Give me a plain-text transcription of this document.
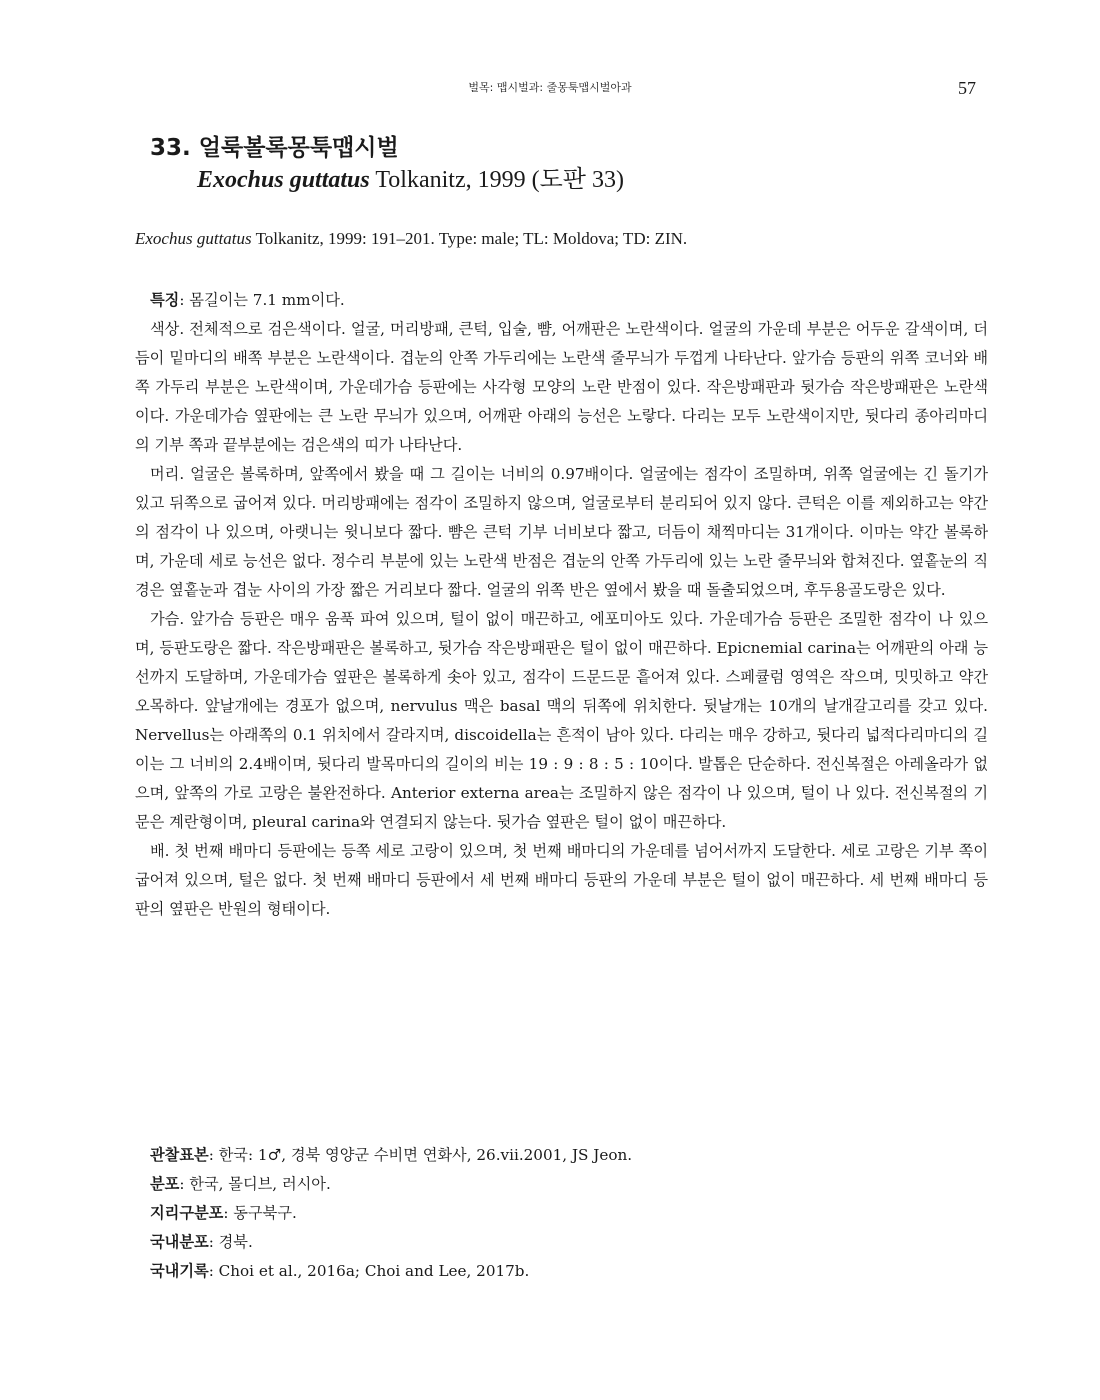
벌목: 맵시벌과: 줄몽툭맵시벌아과	57
33. 얼룩볼록몽툭맵시벌
Exochus guttatus Tolkanitz, 1999 (도판 33)
Exochus guttatus Tolkanitz, 1999: 191–201. Type: male; TL: Moldova; TD: ZIN.

특징: 몸길이는 7.1 mm이다.

색상. 전체적으로 검은색이다. 얼굴, 머리방패, 큰턱, 입술, 뺨, 어깨판은 노란색이다. 얼굴의 가운데 부분은 어두운 갈색이며, 더듬이 밑마디의 배쪽 부분은 노란색이다. 겹눈의 안쪽 가두리에는 노란색 줄무늬가 두껍게 나타난다. 앞가슴 등판의 위쪽 코너와 배쪽 가두리 부분은 노란색이며, 가운데가슴 등판에는 사각형 모양의 노란 반점이 있다. 작은방패판과 뒷가슴 작은방패판은 노란색이다. 가운데가슴 옆판에는 큰 노란 무늬가 있으며, 어깨판 아래의 능선은 노랗다. 다리는 모두 노란색이지만, 뒷다리 종아리마디의 기부 쪽과 끝부분에는 검은색의 띠가 나타난다.

머리. 얼굴은 볼록하며, 앞쪽에서 봤을 때 그 길이는 너비의 0.97배이다. 얼굴에는 점각이 조밀하며, 위쪽 얼굴에는 긴 돌기가 있고 뒤쪽으로 굽어져 있다. 머리방패에는 점각이 조밀하지 않으며, 얼굴로부터 분리되어 있지 않다. 큰턱은 이를 제외하고는 약간의 점각이 나 있으며, 아랫니는 윗니보다 짧다. 뺨은 큰턱 기부 너비보다 짧고, 더듬이 채찍마디는 31개이다. 이마는 약간 볼록하며, 가운데 세로 능선은 없다. 정수리 부분에 있는 노란색 반점은 겹눈의 안쪽 가두리에 있는 노란 줄무늬와 합쳐진다. 옆홑눈의 직경은 옆홑눈과 겹눈 사이의 가장 짧은 거리보다 짧다. 얼굴의 위쪽 반은 옆에서 봤을 때 돌출되었으며, 후두용골도랑은 있다.

가슴. 앞가슴 등판은 매우 움푹 파여 있으며, 털이 없이 매끈하고, 에포미아도 있다. 가운데가슴 등판은 조밀한 점각이 나 있으며, 등판도랑은 짧다. 작은방패판은 볼록하고, 뒷가슴 작은방패판은 털이 없이 매끈하다. Epicnemial carina는 어깨판의 아래 능선까지 도달하며, 가운데가슴 옆판은 볼록하게 솟아 있고, 점각이 드문드문 흩어져 있다. 스페큘럼 영역은 작으며, 밋밋하고 약간 오목하다. 앞날개에는 경포가 없으며, nervulus 맥은 basal 맥의 뒤쪽에 위치한다. 뒷날개는 10개의 날개갈고리를 갖고 있다. Nervellus는 아래쪽의 0.1 위치에서 갈라지며, discoidella는 흔적이 남아 있다. 다리는 매우 강하고, 뒷다리 넓적다리마디의 길이는 그 너비의 2.4배이며, 뒷다리 발목마디의 길이의 비는 19 : 9 : 8 : 5 : 10이다. 발톱은 단순하다. 전신복절은 아레올라가 없으며, 앞쪽의 가로 고랑은 불완전하다. Anterior externa area는 조밀하지 않은 점각이 나 있으며, 털이 나 있다. 전신복절의 기문은 계란형이며, pleural carina와 연결되지 않는다. 뒷가슴 옆판은 털이 없이 매끈하다.

배. 첫 번째 배마디 등판에는 등쪽 세로 고랑이 있으며, 첫 번째 배마디의 가운데를 넘어서까지 도달한다. 세로 고랑은 기부 쪽이 굽어져 있으며, 털은 없다. 첫 번째 배마디 등판에서 세 번째 배마디 등판의 가운데 부분은 털이 없이 매끈하다. 세 번째 배마디 등판의 옆판은 반원의 형태이다.

관찰표본: 한국: 1♂, 경북 영양군 수비면 연화사, 26.vii.2001, JS Jeon.
분포: 한국, 몰디브, 러시아.
지리구분포: 동구북구.
국내분포: 경북.
국내기록: Choi et al., 2016a; Choi and Lee, 2017b.
